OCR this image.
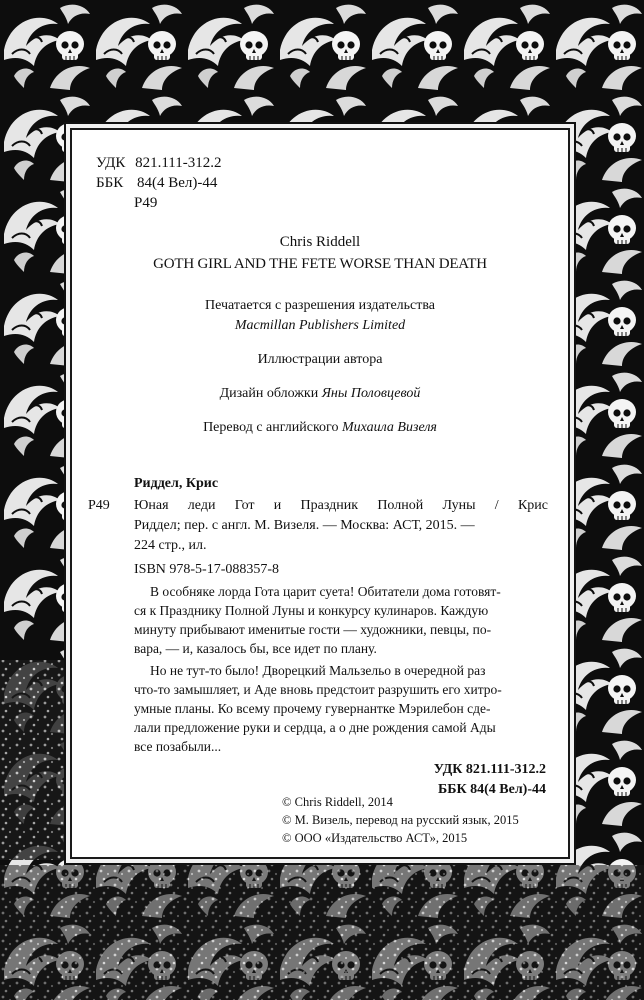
УДК 821.111-312.2
ББК 84(4 Вел)-44
Р49
Chris Riddell
GOTH GIRL AND THE FETE WORSE THAN DEATH
Печатается с разрешения издательства
Macmillan Publishers Limited
Иллюстрации автора
Дизайн обложки Яны Половцевой
Перевод с английского Михаила Визеля
Риддел, Крис
Р49 Юная леди Гот и Праздник Полной Луны / Крис
Риддел; пер. с англ. М. Визеля. — Москва: АСТ, 2015. —
224 стр., ил.
ISBN 978-5-17-088357-8
В особняке лорда Гота царит суета! Обитатели дома готовят-
ся к Празднику Полной Луны и конкурсу кулинаров. Каждую
минуту прибывают именитые гости — художники, певцы, по-
вара, — и, казалось бы, все идет по плану.
Но не тут-то было! Дворецкий Мальзельо в очередной раз
что-то замышляет, и Аде вновь предстоит разрушить его хитро-
умные планы. Ко всему прочему гувернантке Мэрилебон сде-
лали предложение руки и сердца, а о дне рождения самой Ады
все позабыли...
УДК 821.111-312.2
ББК 84(4 Вел)-44
© Chris Riddell, 2014
© М. Визель, перевод на русский язык, 2015
© ООО «Издательство АСТ», 2015
